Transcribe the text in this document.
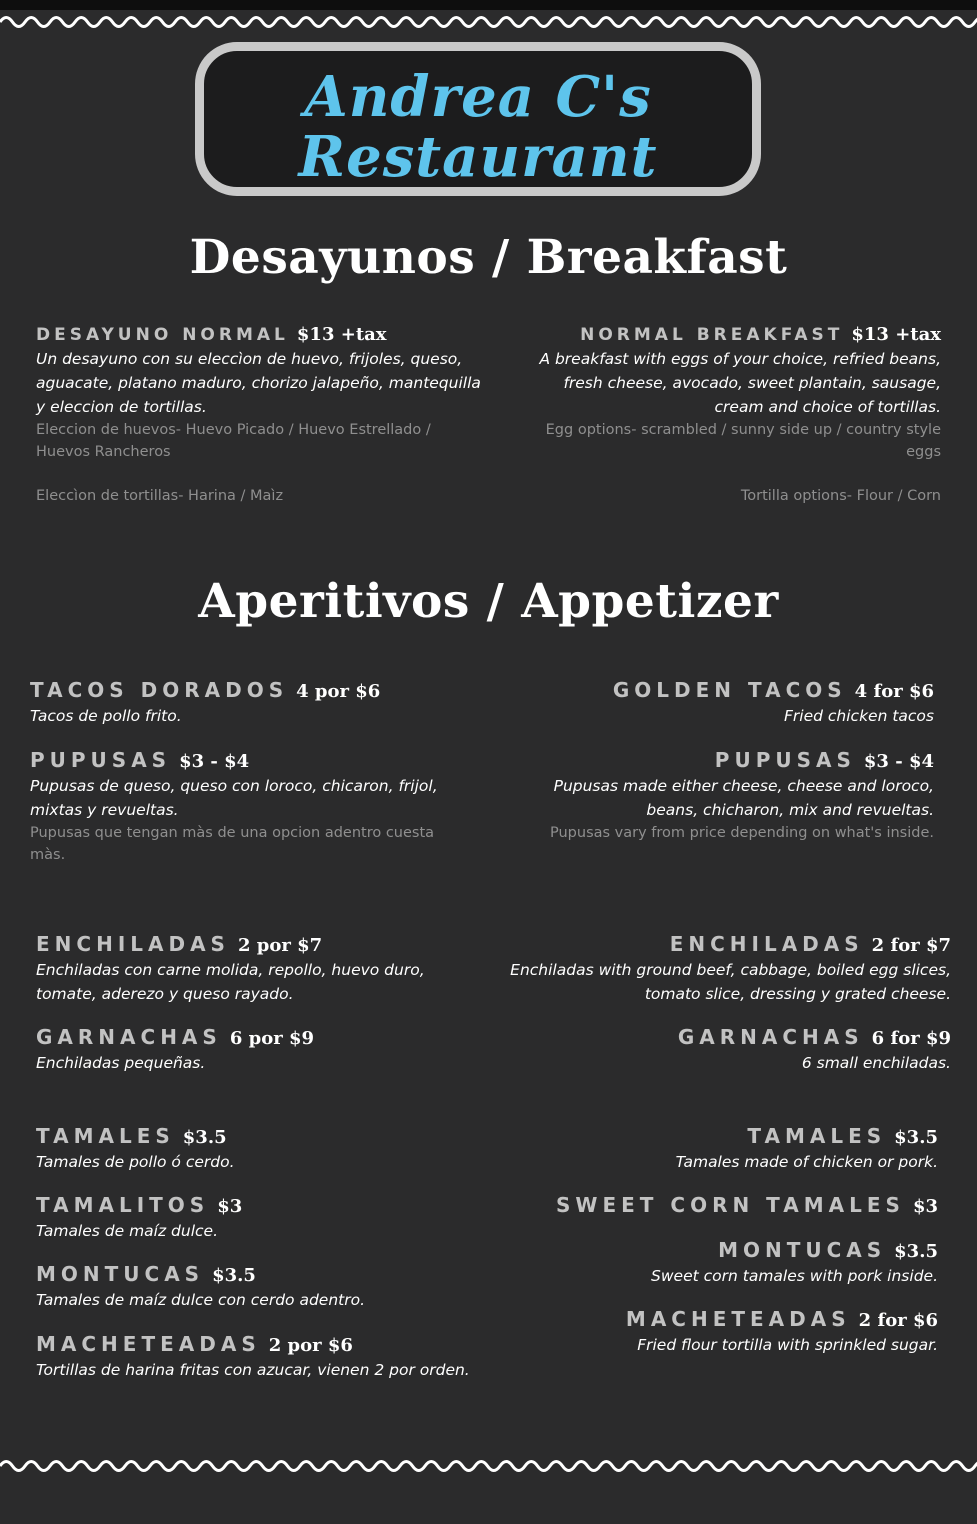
Andrea C's
Restaurant
Desayunos / Breakfast
DESAYUNO NORMAL $13 +tax
Un desayuno con su eleccìon de huevo, frijoles, queso, aguacate, platano maduro, chorizo jalapeño, mantequilla y eleccion de tortillas.
Eleccion de huevos- Huevo Picado / Huevo Estrellado / Huevos Rancheros
Eleccìon de tortillas- Harina / Maìz
NORMAL BREAKFAST $13 +tax
A breakfast with eggs of your choice, refried beans, fresh cheese, avocado, sweet plantain, sausage, cream and choice of tortillas.
Egg options- scrambled / sunny side up / country style eggs
Tortilla options- Flour / Corn
Aperitivos / Appetizer
TACOS DORADOS 4 por $6
Tacos de pollo frito.
PUPUSAS $3 - $4
Pupusas de queso, queso con loroco, chicaron, frijol, mixtas y revueltas.
Pupusas que tengan màs de una opcion adentro cuesta màs.
ENCHILADAS 2 por $7
Enchiladas con carne molida, repollo, huevo duro, tomate, aderezo y queso rayado.
GARNACHAS 6 por $9
Enchiladas pequeñas.
TAMALES $3.5
Tamales de pollo ó cerdo.
TAMALITOS $3
Tamales de maíz dulce.
MONTUCAS $3.5
Tamales de maíz dulce con cerdo adentro.
MACHETEADAS 2 por $6
Tortillas de harina fritas con azucar, vienen 2 por orden.
GOLDEN TACOS 4 for $6
Fried chicken tacos
PUPUSAS $3 - $4
Pupusas made either cheese, cheese and loroco, beans, chicharon, mix and revueltas.
Pupusas vary from price depending on what's inside.
ENCHILADAS 2 for $7
Enchiladas with ground beef, cabbage, boiled egg slices, tomato slice, dressing y grated cheese.
GARNACHAS 6 for $9
6 small enchiladas.
TAMALES $3.5
Tamales made of chicken or pork.
SWEET CORN TAMALES $3
MONTUCAS $3.5
Sweet corn tamales with pork inside.
MACHETEADAS 2 for $6
Fried flour tortilla with sprinkled sugar.
